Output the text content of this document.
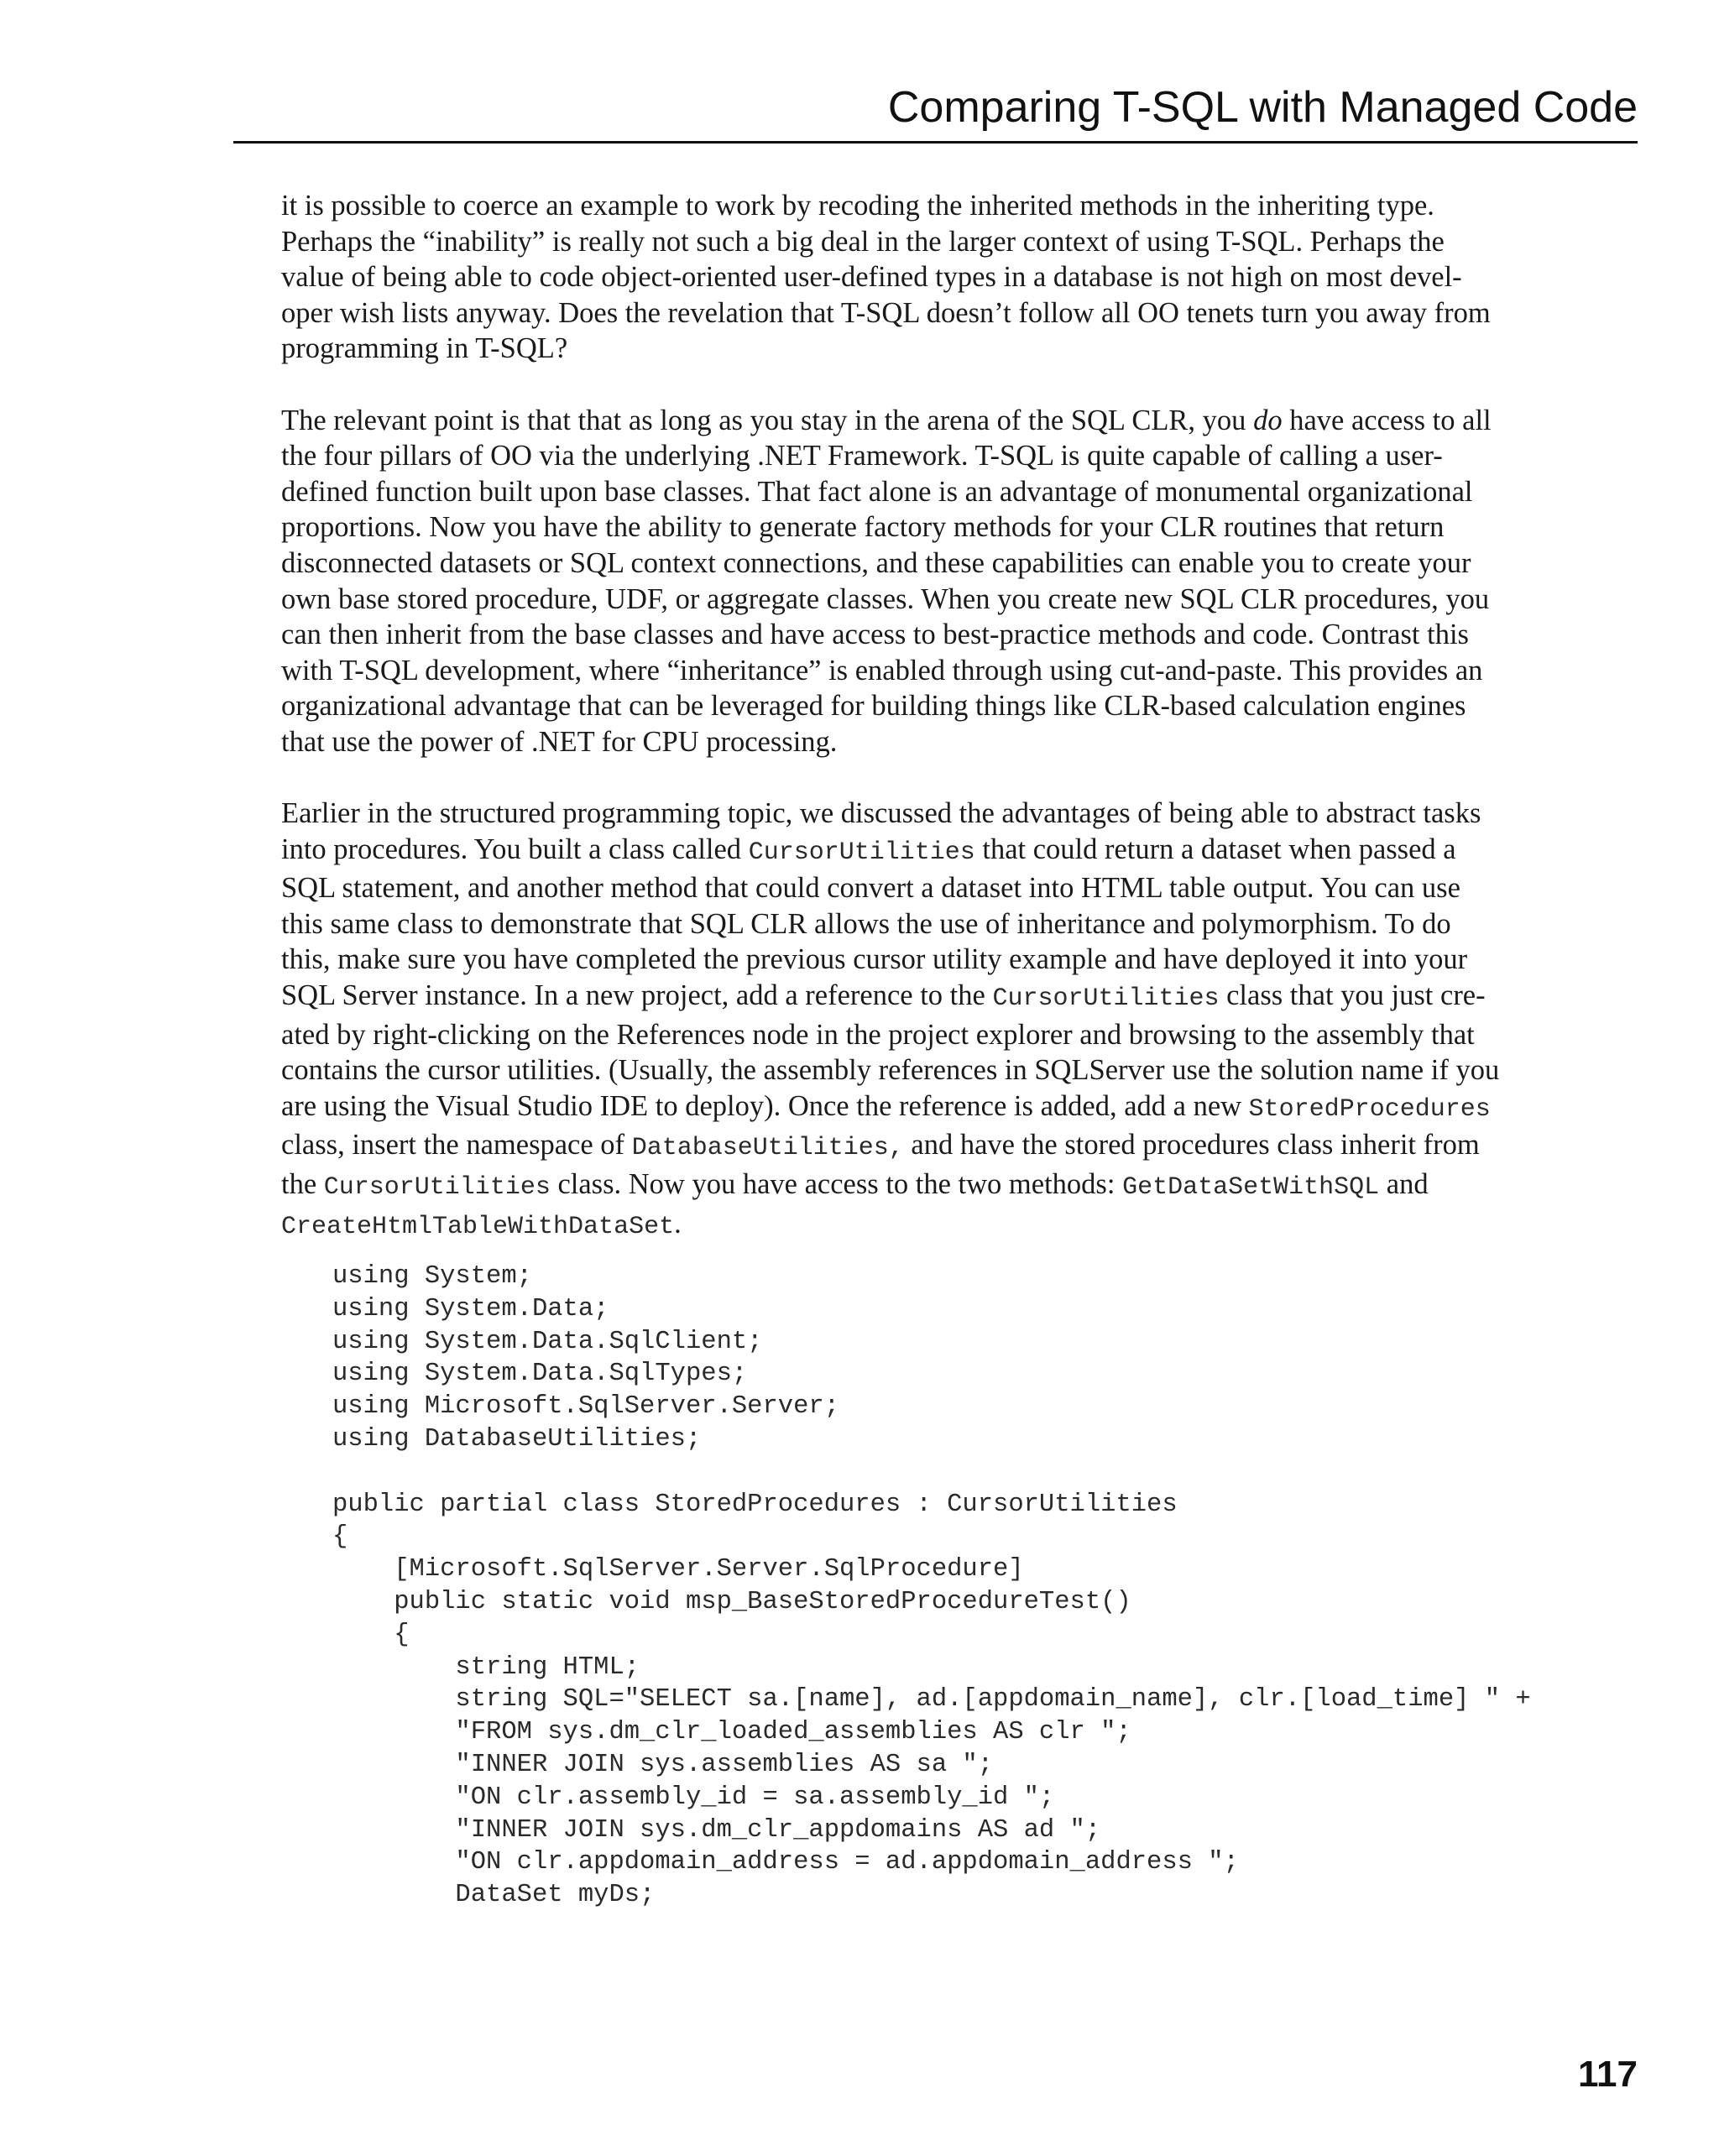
Comparing T-SQL with Managed Code

it is possible to coerce an example to work by recoding the inherited methods in the inheriting type.
Perhaps the “inability” is really not such a big deal in the larger context of using T-SQL. Perhaps the
value of being able to code object-oriented user-defined types in a database is not high on most devel-
oper wish lists anyway. Does the revelation that T-SQL doesn’t follow all OO tenets turn you away from
programming in T-SQL?

The relevant point is that that as long as you stay in the arena of the SQL CLR, you do have access to all
the four pillars of OO via the underlying .NET Framework. T-SQL is quite capable of calling a user-
defined function built upon base classes. That fact alone is an advantage of monumental organizational
proportions. Now you have the ability to generate factory methods for your CLR routines that return
disconnected datasets or SQL context connections, and these capabilities can enable you to create your
own base stored procedure, UDF, or aggregate classes. When you create new SQL CLR procedures, you
can then inherit from the base classes and have access to best-practice methods and code. Contrast this
with T-SQL development, where “inheritance” is enabled through using cut-and-paste. This provides an
organizational advantage that can be leveraged for building things like CLR-based calculation engines
that use the power of .NET for CPU processing.

Earlier in the structured programming topic, we discussed the advantages of being able to abstract tasks
into procedures. You built a class called CursorUtilities that could return a dataset when passed a
SQL statement, and another method that could convert a dataset into HTML table output. You can use
this same class to demonstrate that SQL CLR allows the use of inheritance and polymorphism. To do
this, make sure you have completed the previous cursor utility example and have deployed it into your
SQL Server instance. In a new project, add a reference to the CursorUtilities class that you just cre-
ated by right-clicking on the References node in the project explorer and browsing to the assembly that
contains the cursor utilities. (Usually, the assembly references in SQLServer use the solution name if you
are using the Visual Studio IDE to deploy). Once the reference is added, add a new StoredProcedures
class, insert the namespace of DatabaseUtilities, and have the stored procedures class inherit from
the CursorUtilities class. Now you have access to the two methods: GetDataSetWithSQL and
CreateHtmlTableWithDataSet.

using System;
using System.Data;
using System.Data.SqlClient;
using System.Data.SqlTypes;
using Microsoft.SqlServer.Server;
using DatabaseUtilities;
public partial class StoredProcedures : CursorUtilities
{
[Microsoft.SqlServer.Server.SqlProcedure]
public static void msp_BaseStoredProcedureTest()
{
string HTML;
string SQL="SELECT sa.[name], ad.[appdomain_name], clr.[load_time] " +
"FROM sys.dm_clr_loaded_assemblies AS clr ";
"INNER JOIN sys.assemblies AS sa ";
"ON clr.assembly_id = sa.assembly_id ";
"INNER JOIN sys.dm_clr_appdomains AS ad ";
"ON clr.appdomain_address = ad.appdomain_address ";
DataSet myDs;
117
